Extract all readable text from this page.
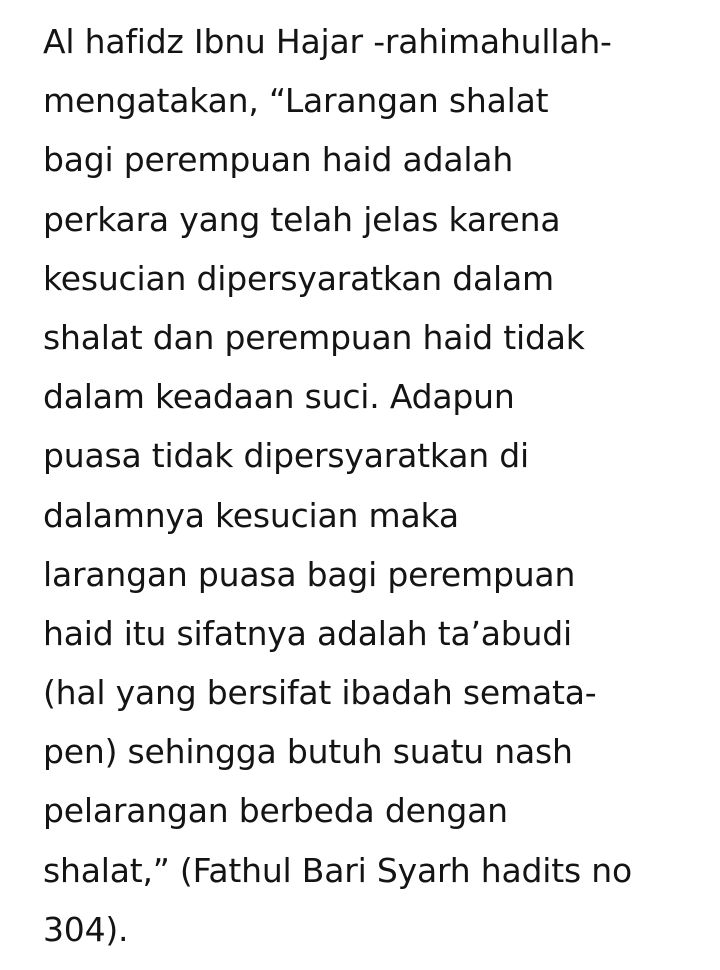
Al hafidz Ibnu Hajar -rahimahullah-
mengatakan, “Larangan shalat
bagi perempuan haid adalah
perkara yang telah jelas karena
kesucian dipersyaratkan dalam
shalat dan perempuan haid tidak
dalam keadaan suci. Adapun
puasa tidak dipersyaratkan di
dalamnya kesucian maka
larangan puasa bagi perempuan
haid itu sifatnya adalah ta’abudi
(hal yang bersifat ibadah semata-
pen) sehingga butuh suatu nash
pelarangan berbeda dengan
shalat,” (Fathul Bari Syarh hadits no
304).
